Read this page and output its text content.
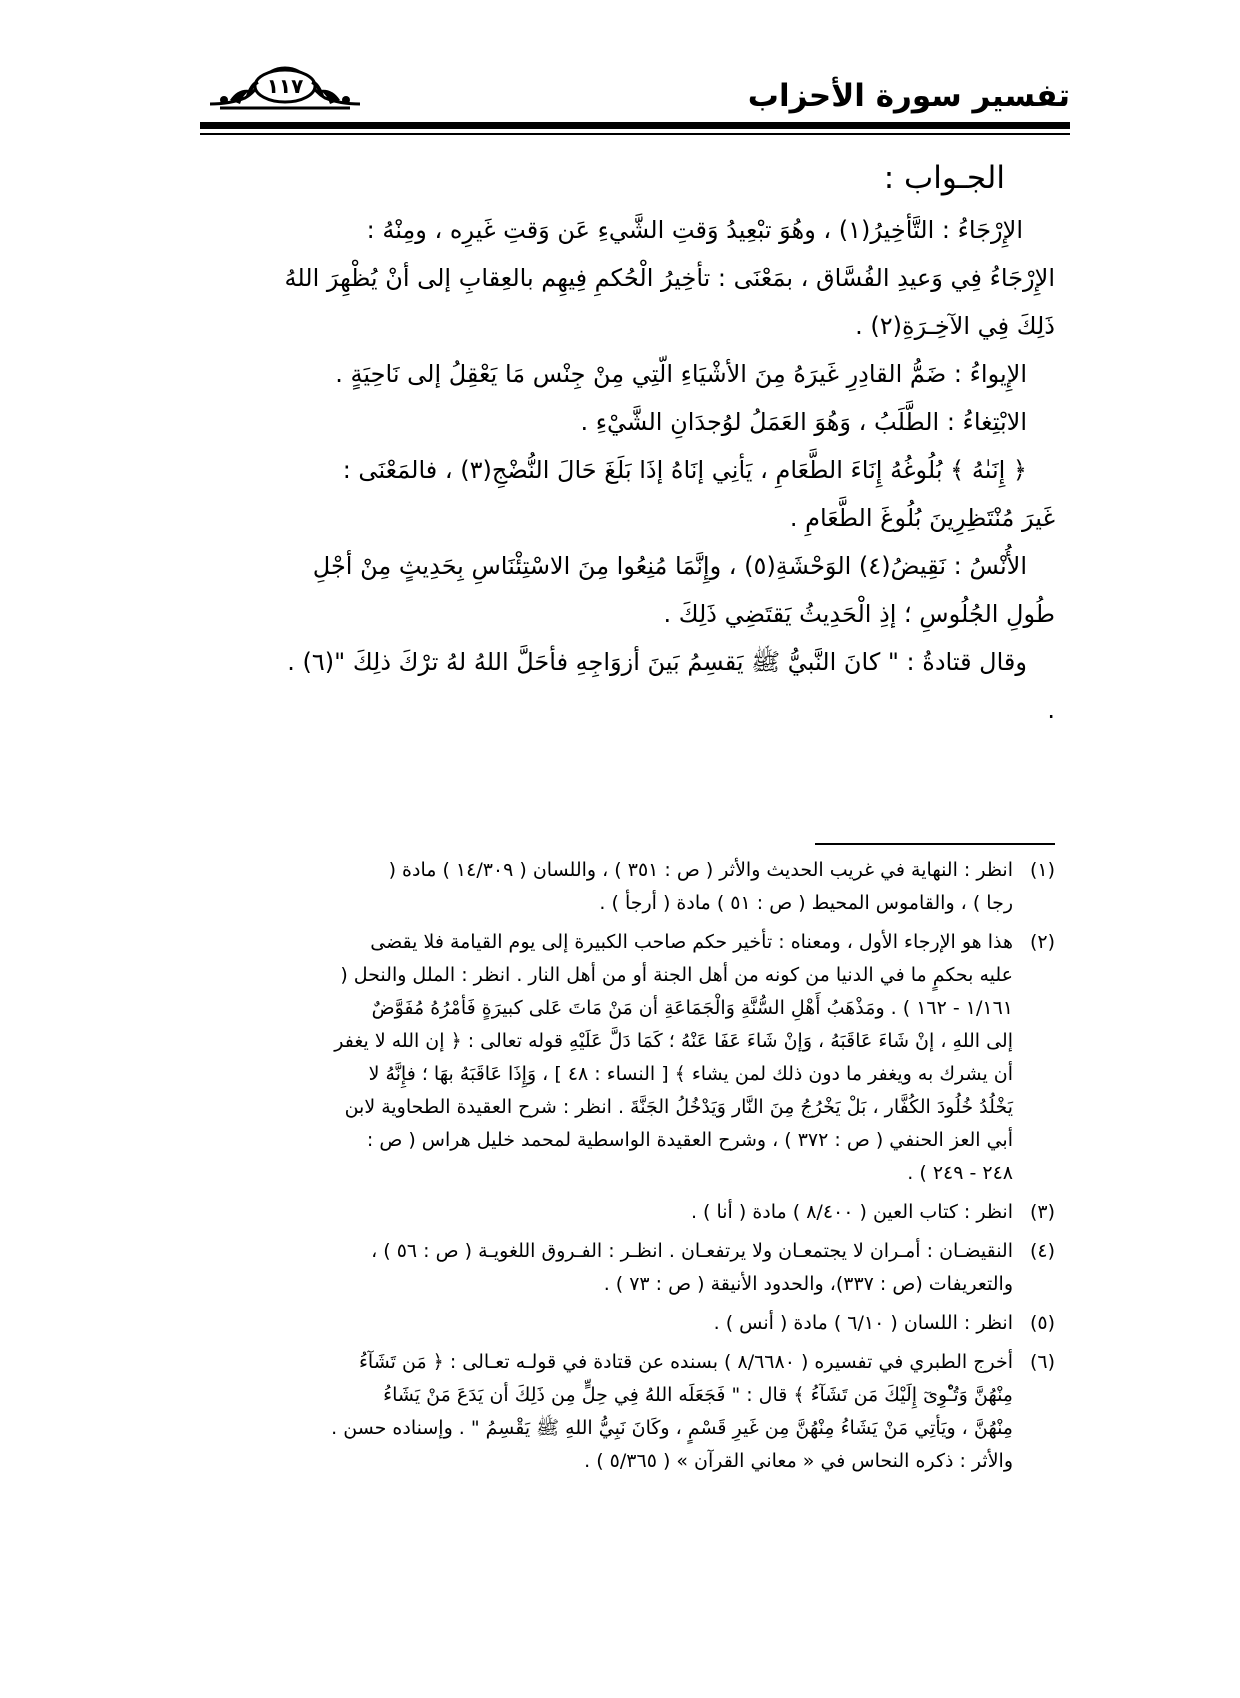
تفسير سورة الأحزاب
١١٧

الجـواب :

الإِرْجَاءُ : التَّأخِيرُ(١) ، وهُوَ تبْعِيدُ وَقتِ الشَّيءِ عَن وَقتِ غَيرِه ، ومِنْهُ :

الإِرْجَاءُ فِي وَعيدِ الفُسَّاق ، بمَعْنَى : تأخِيرُ الْحُكمِ فِيهِم بالعِقابِ إلى أنْ يُظْهِرَ اللهُ

ذَلِكَ فِي الآخِـرَةِ(٢) .

الإِيواءُ : ضَمُّ القادِرِ غَيرَهُ مِنَ الأشْيَاءِ الّتِي مِنْ جِنْس مَا يَعْقِلُ إلى نَاحِيَةٍ .

الابْتِغاءُ : الطَّلَبُ ، وَهُوَ العَمَلُ لوُجدَانِ الشَّيْءِ .

﴿ إِنَىٰهُ ﴾ بُلُوغُهُ إِنَاءَ الطَّعَامِ ، يَأنِي إنَاهُ إذَا بَلَغَ حَالَ النُّضْجِ(٣) ، فالمَعْنَى :

غَيرَ مُنْتَظِرِينَ بُلُوغَ الطَّعَامِ .

الأُنْسُ : نَقِيضُ(٤) الوَحْشَةِ(٥) ، وإِنَّمَا مُنِعُوا مِنَ الاسْتِئْنَاسِ بِحَدِيثٍ مِنْ أجْلِ

طُولِ الجُلُوسِ ؛ إذِ الْحَدِيثُ يَقتَضِي ذَلِكَ .

وقال قتادةُ : " كانَ النَّبيُّ ﷺ يَقسِمُ بَينَ أزوَاجِهِ فأحَلَّ اللهُ لهُ ترْكَ ذلِكَ "(٦) .

.

(١)
انظر : النهاية في غريب الحديث والأثر ( ص : ٣٥١ ) ، واللسان ( ١٤/٣٠٩ ) مادة (
رجا ) ، والقاموس المحيط ( ص : ٥١ ) مادة ( أرجأ ) .
(٢)
هذا هو الإرجاء الأول ، ومعناه : تأخير حكم صاحب الكبيرة إلى يوم القيامة فلا يقضى
عليه بحكمٍ ما في الدنيا من كونه من أهل الجنة أو من أهل النار . انظر : الملل والنحل (
١/١٦١ - ١٦٢ ) . ومَذْهَبُ أَهْلِ السُّنَّةِ وَالْجَمَاعَةِ أن مَنْ مَاتَ عَلى كبيرَةٍ فَأمْرُهُ مُفَوَّضٌ
إلى اللهِ ، إنْ شَاءَ عَاقَبَهُ ، وَإنْ شَاءَ عَفَا عَنْهُ ؛ كَمَا دَلَّ عَلَيْهِ قوله تعالى : ﴿ إن الله لا يغفر
أن يشرك به ويغفر ما دون ذلك لمن يشاء ﴾ [ النساء : ٤٨ ] ، وَإِذَا عَاقَبَهُ بهَا ؛ فإِنَّهُ لا
يَخْلُدُ خُلُودَ الكُفَّار ، بَلْ يَخْرُجُ مِنَ النَّار وَيَدْخُلُ الجَنَّةَ . انظر : شرح العقيدة الطحاوية لابن
أبي العز الحنفي ( ص : ٣٧٢ ) ، وشرح العقيدة الواسطية لمحمد خليل هراس ( ص :
٢٤٨ - ٢٤٩ ) .
(٣)
انظر : كتاب العين ( ٨/٤٠٠ ) مادة ( أنا ) .
(٤)
النقيضـان : أمـران لا يجتمعـان ولا يرتفعـان . انظـر : الفـروق اللغويـة ( ص : ٥٦ ) ،
والتعريفات (ص : ٣٣٧)، والحدود الأنيقة ( ص : ٧٣ ) .
(٥)
انظر : اللسان ( ٦/١٠ ) مادة ( أنس ) .
(٦)
أخرج الطبري في تفسيره ( ٨/٦٦٨٠ ) بسنده عن قتادة في قولـه تعـالى : ﴿ مَن تَشَآءُ
مِنْهُنَّ وَتُـْٔوِىٓ إِلَيْكَ مَن تَشَآءُ ﴾ قال : " فَجَعَلَه اللهُ فِي حِلٍّ مِن ذَلِكَ أن يَدَعَ مَنْ يَشَاءُ
مِنْهُنَّ ، ويَأتِي مَنْ يَشَاءُ مِنْهُنَّ مِن غَيرِ قَسْمٍ ، وكَانَ نَبِيُّ اللهِ ﷺ يَقْسِمُ " . وإسناده حسن .
والأثر : ذكره النحاس في « معاني القرآن » ( ٥/٣٦٥ ) .
